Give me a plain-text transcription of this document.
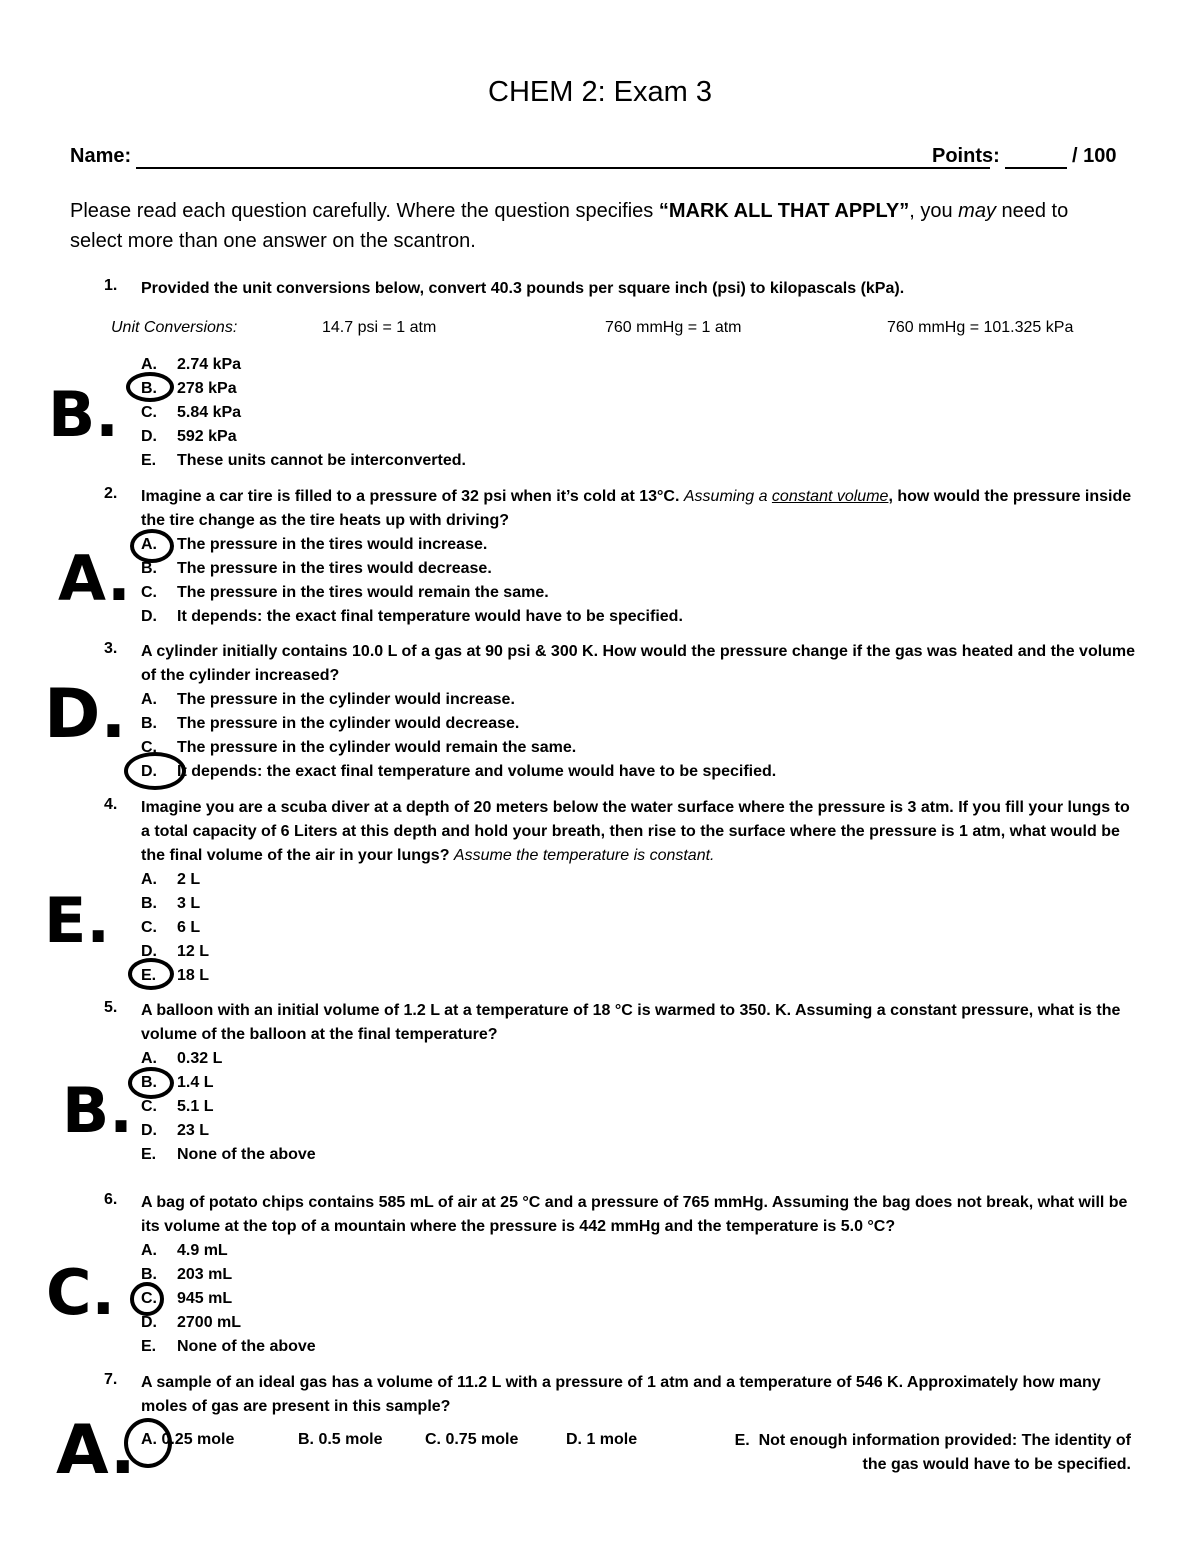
CHEM 2: Exam 3
Name:	Points:	/ 100
Please read each question carefully. Where the question specifies “MARK ALL THAT APPLY”, you may need to select more than one answer on the scantron.
1. Provided the unit conversions below, convert 40.3 pounds per square inch (psi) to kilopascals (kPa).
Unit Conversions:	14.7 psi = 1 atm	760 mmHg = 1 atm	760 mmHg = 101.325 kPa
A. 2.74 kPa
B. 278 kPa
C. 5.84 kPa
D. 592 kPa
E. These units cannot be interconverted.
B.
2. Imagine a car tire is filled to a pressure of 32 psi when it’s cold at 13°C. Assuming a constant volume, how would the pressure inside the tire change as the tire heats up with driving?
A. The pressure in the tires would increase.
B. The pressure in the tires would decrease.
C. The pressure in the tires would remain the same.
D. It depends: the exact final temperature would have to be specified.
A.
3. A cylinder initially contains 10.0 L of a gas at 90 psi & 300 K. How would the pressure change if the gas was heated and the volume of the cylinder increased?
A. The pressure in the cylinder would increase.
B. The pressure in the cylinder would decrease.
C. The pressure in the cylinder would remain the same.
D. It depends: the exact final temperature and volume would have to be specified.
D.
4. Imagine you are a scuba diver at a depth of 20 meters below the water surface where the pressure is 3 atm. If you fill your lungs to a total capacity of 6 Liters at this depth and hold your breath, then rise to the surface where the pressure is 1 atm, what would be the final volume of the air in your lungs? Assume the temperature is constant.
A. 2 L
B. 3 L
C. 6 L
D. 12 L
E. 18 L
E.
5. A balloon with an initial volume of 1.2 L at a temperature of 18 °C is warmed to 350. K. Assuming a constant pressure, what is the volume of the balloon at the final temperature?
A. 0.32 L
B. 1.4 L
C. 5.1 L
D. 23 L
E. None of the above
B.
6. A bag of potato chips contains 585 mL of air at 25 °C and a pressure of 765 mmHg. Assuming the bag does not break, what will be its volume at the top of a mountain where the pressure is 442 mmHg and the temperature is 5.0 °C?
A. 4.9 mL
B. 203 mL
C. 945 mL
D. 2700 mL
E. None of the above
C.
7. A sample of an ideal gas has a volume of 11.2 L with a pressure of 1 atm and a temperature of 546 K. Approximately how many moles of gas are present in this sample?
A. 0.25 mole	B. 0.5 mole	C. 0.75 mole	D. 1 mole	E. Not enough information provided: The identity of
the gas would have to be specified.
A.
